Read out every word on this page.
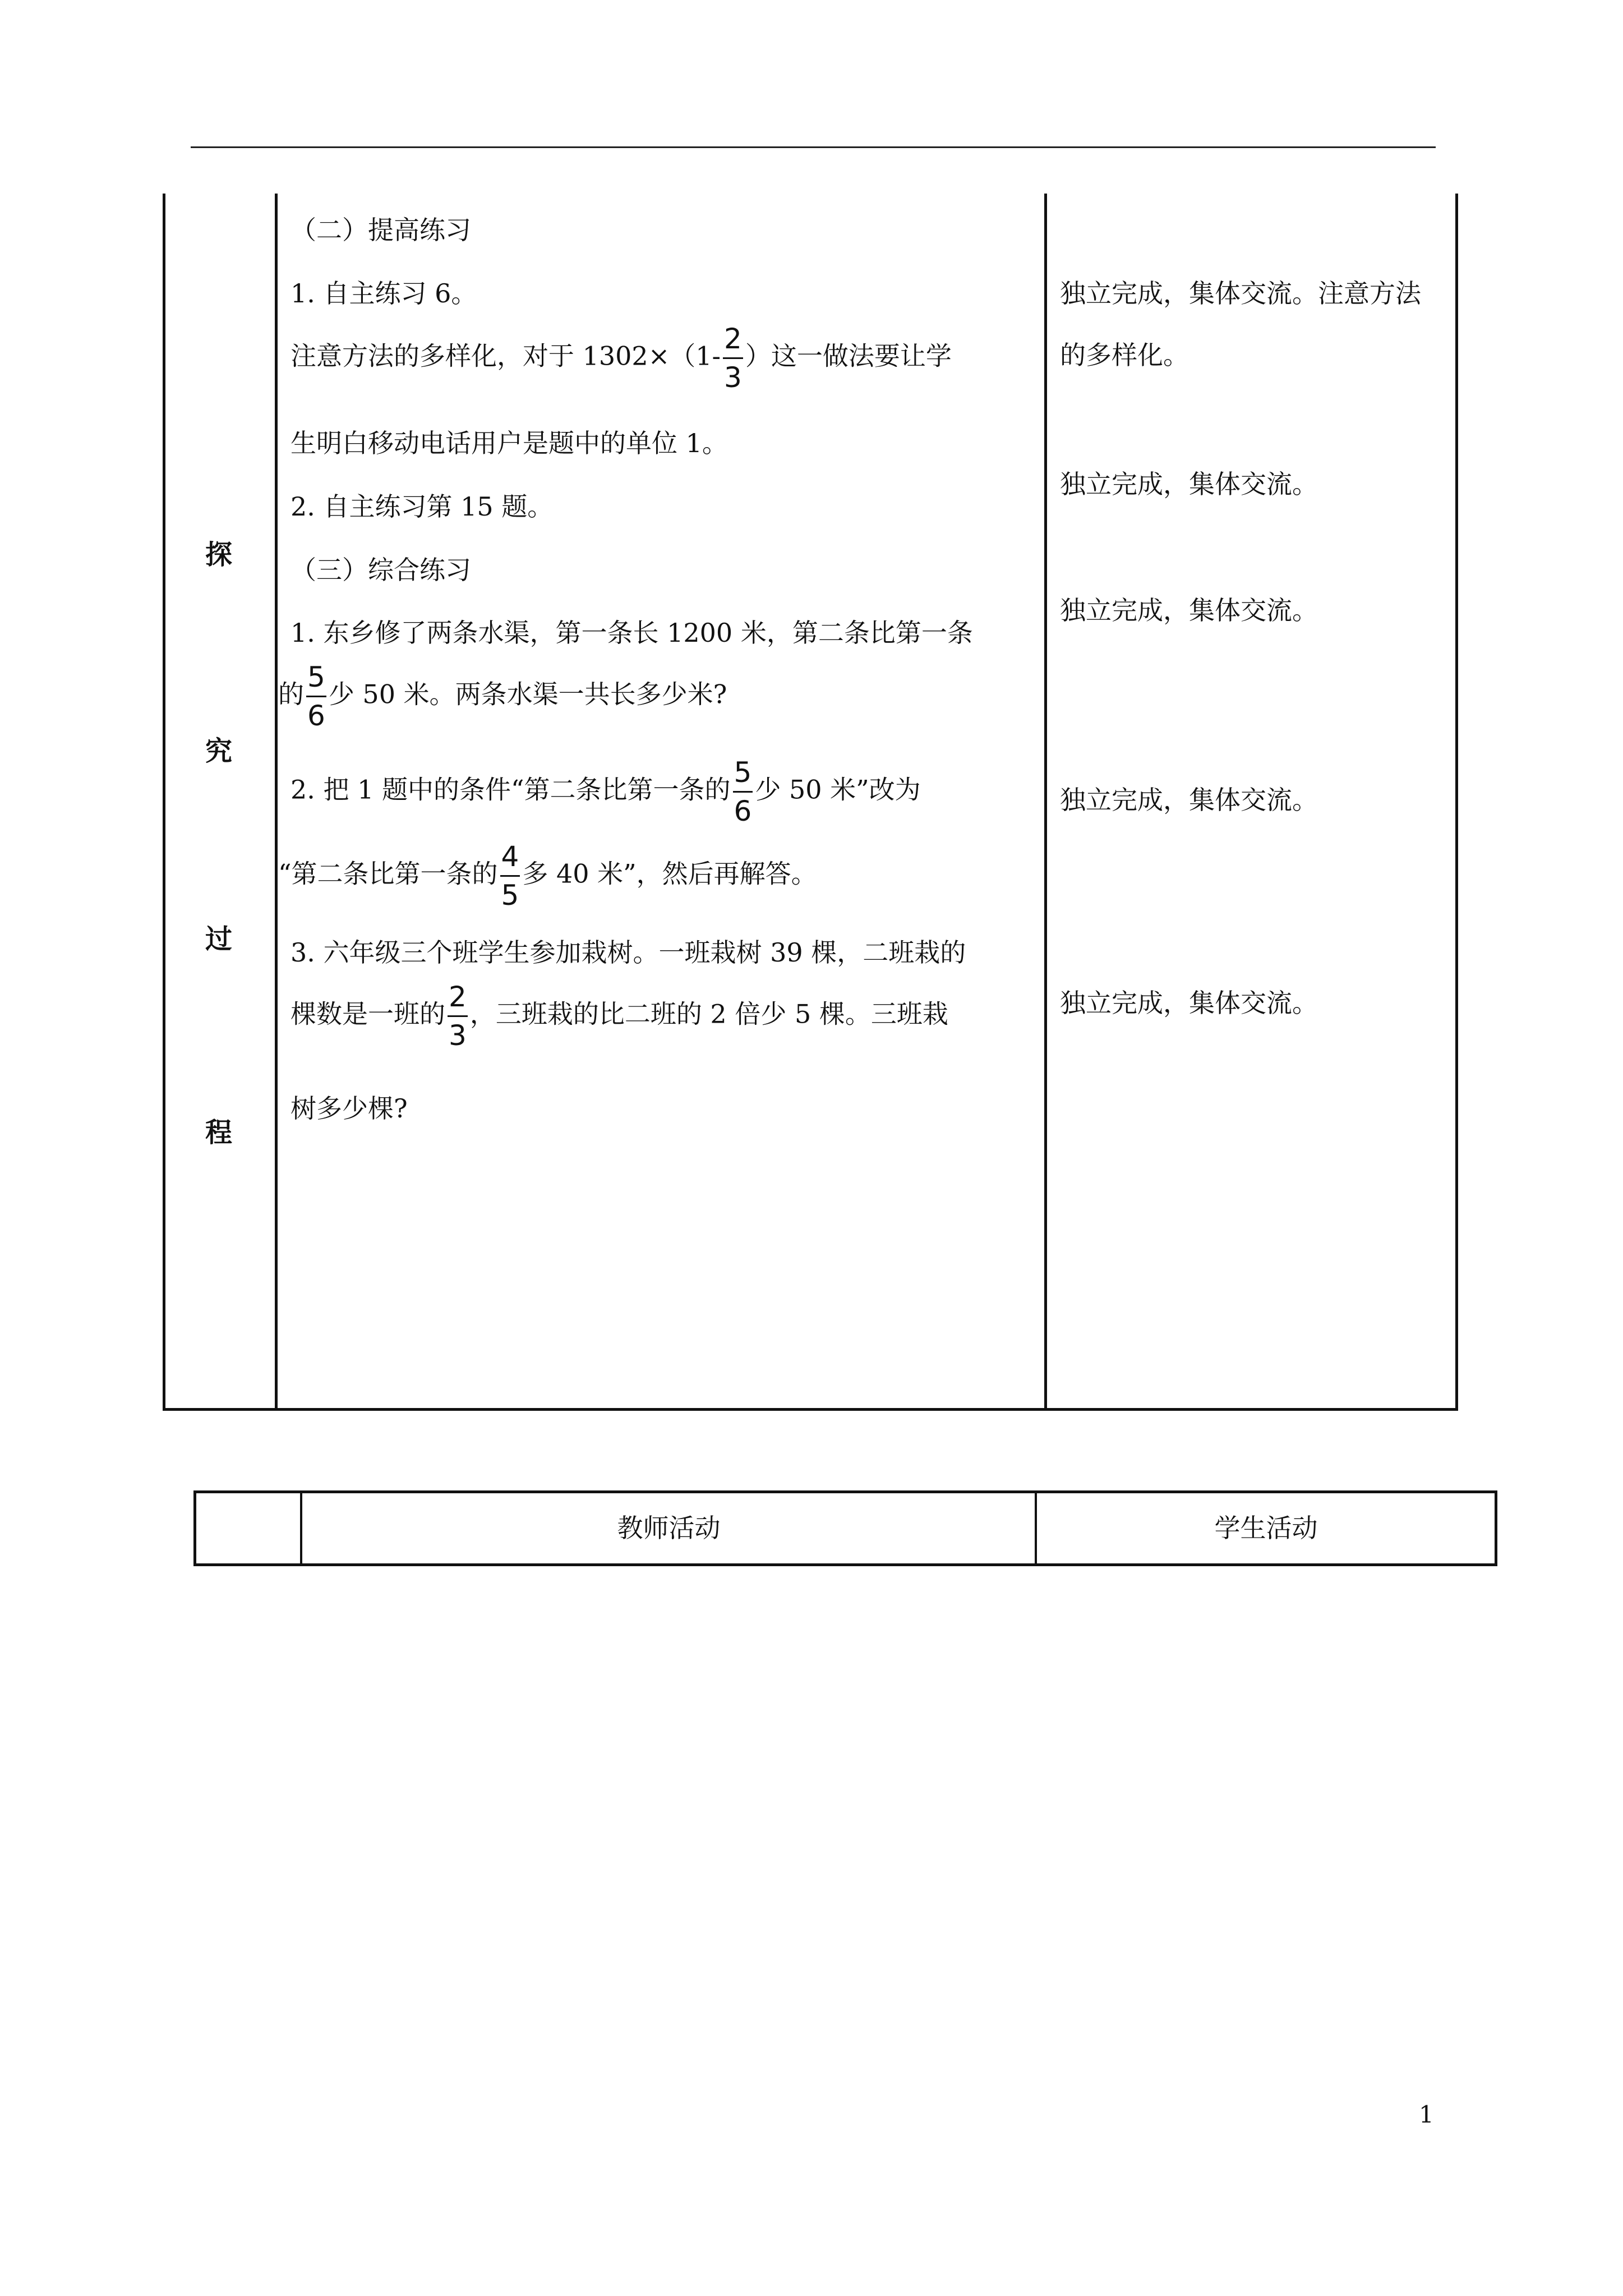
探
究
过
程
（二）提高练习
1. 自主练习 6。
注意方法的多样化，对于 $1302\times(1- \frac{2}{3}$ ）这一做法要让学
生明白移动电话用户是题中的单位 1。
2. 自主练习第 15 题。
（三）综合练习
1. 东乡修了两条水渠，第一条长 1200 米，第二条比第一条
的 $\frac{5}{6}$ 少 50 米。两条水渠一共长多少米?
2. 把 1 题中的条件“第二条比第一条的 $\frac{5}{6}$ 少 50 米”改为
“第二条比第一条的 $\frac{4}{5}$ 多 40 米”，然后再解答。
3. 六年级三个班学生参加栽树。一班栽树 39 棵，二班栽的
棵数是一班的 $\frac{2}{3}$ ，三班栽的比二班的 2 倍少 5 棵。三班栽
树多少棵?
独立完成，集体交流。注意方法
的多样化。
独立完成，集体交流。
独立完成，集体交流。
独立完成，集体交流。
独立完成，集体交流。
教师活动	学生活动
1
